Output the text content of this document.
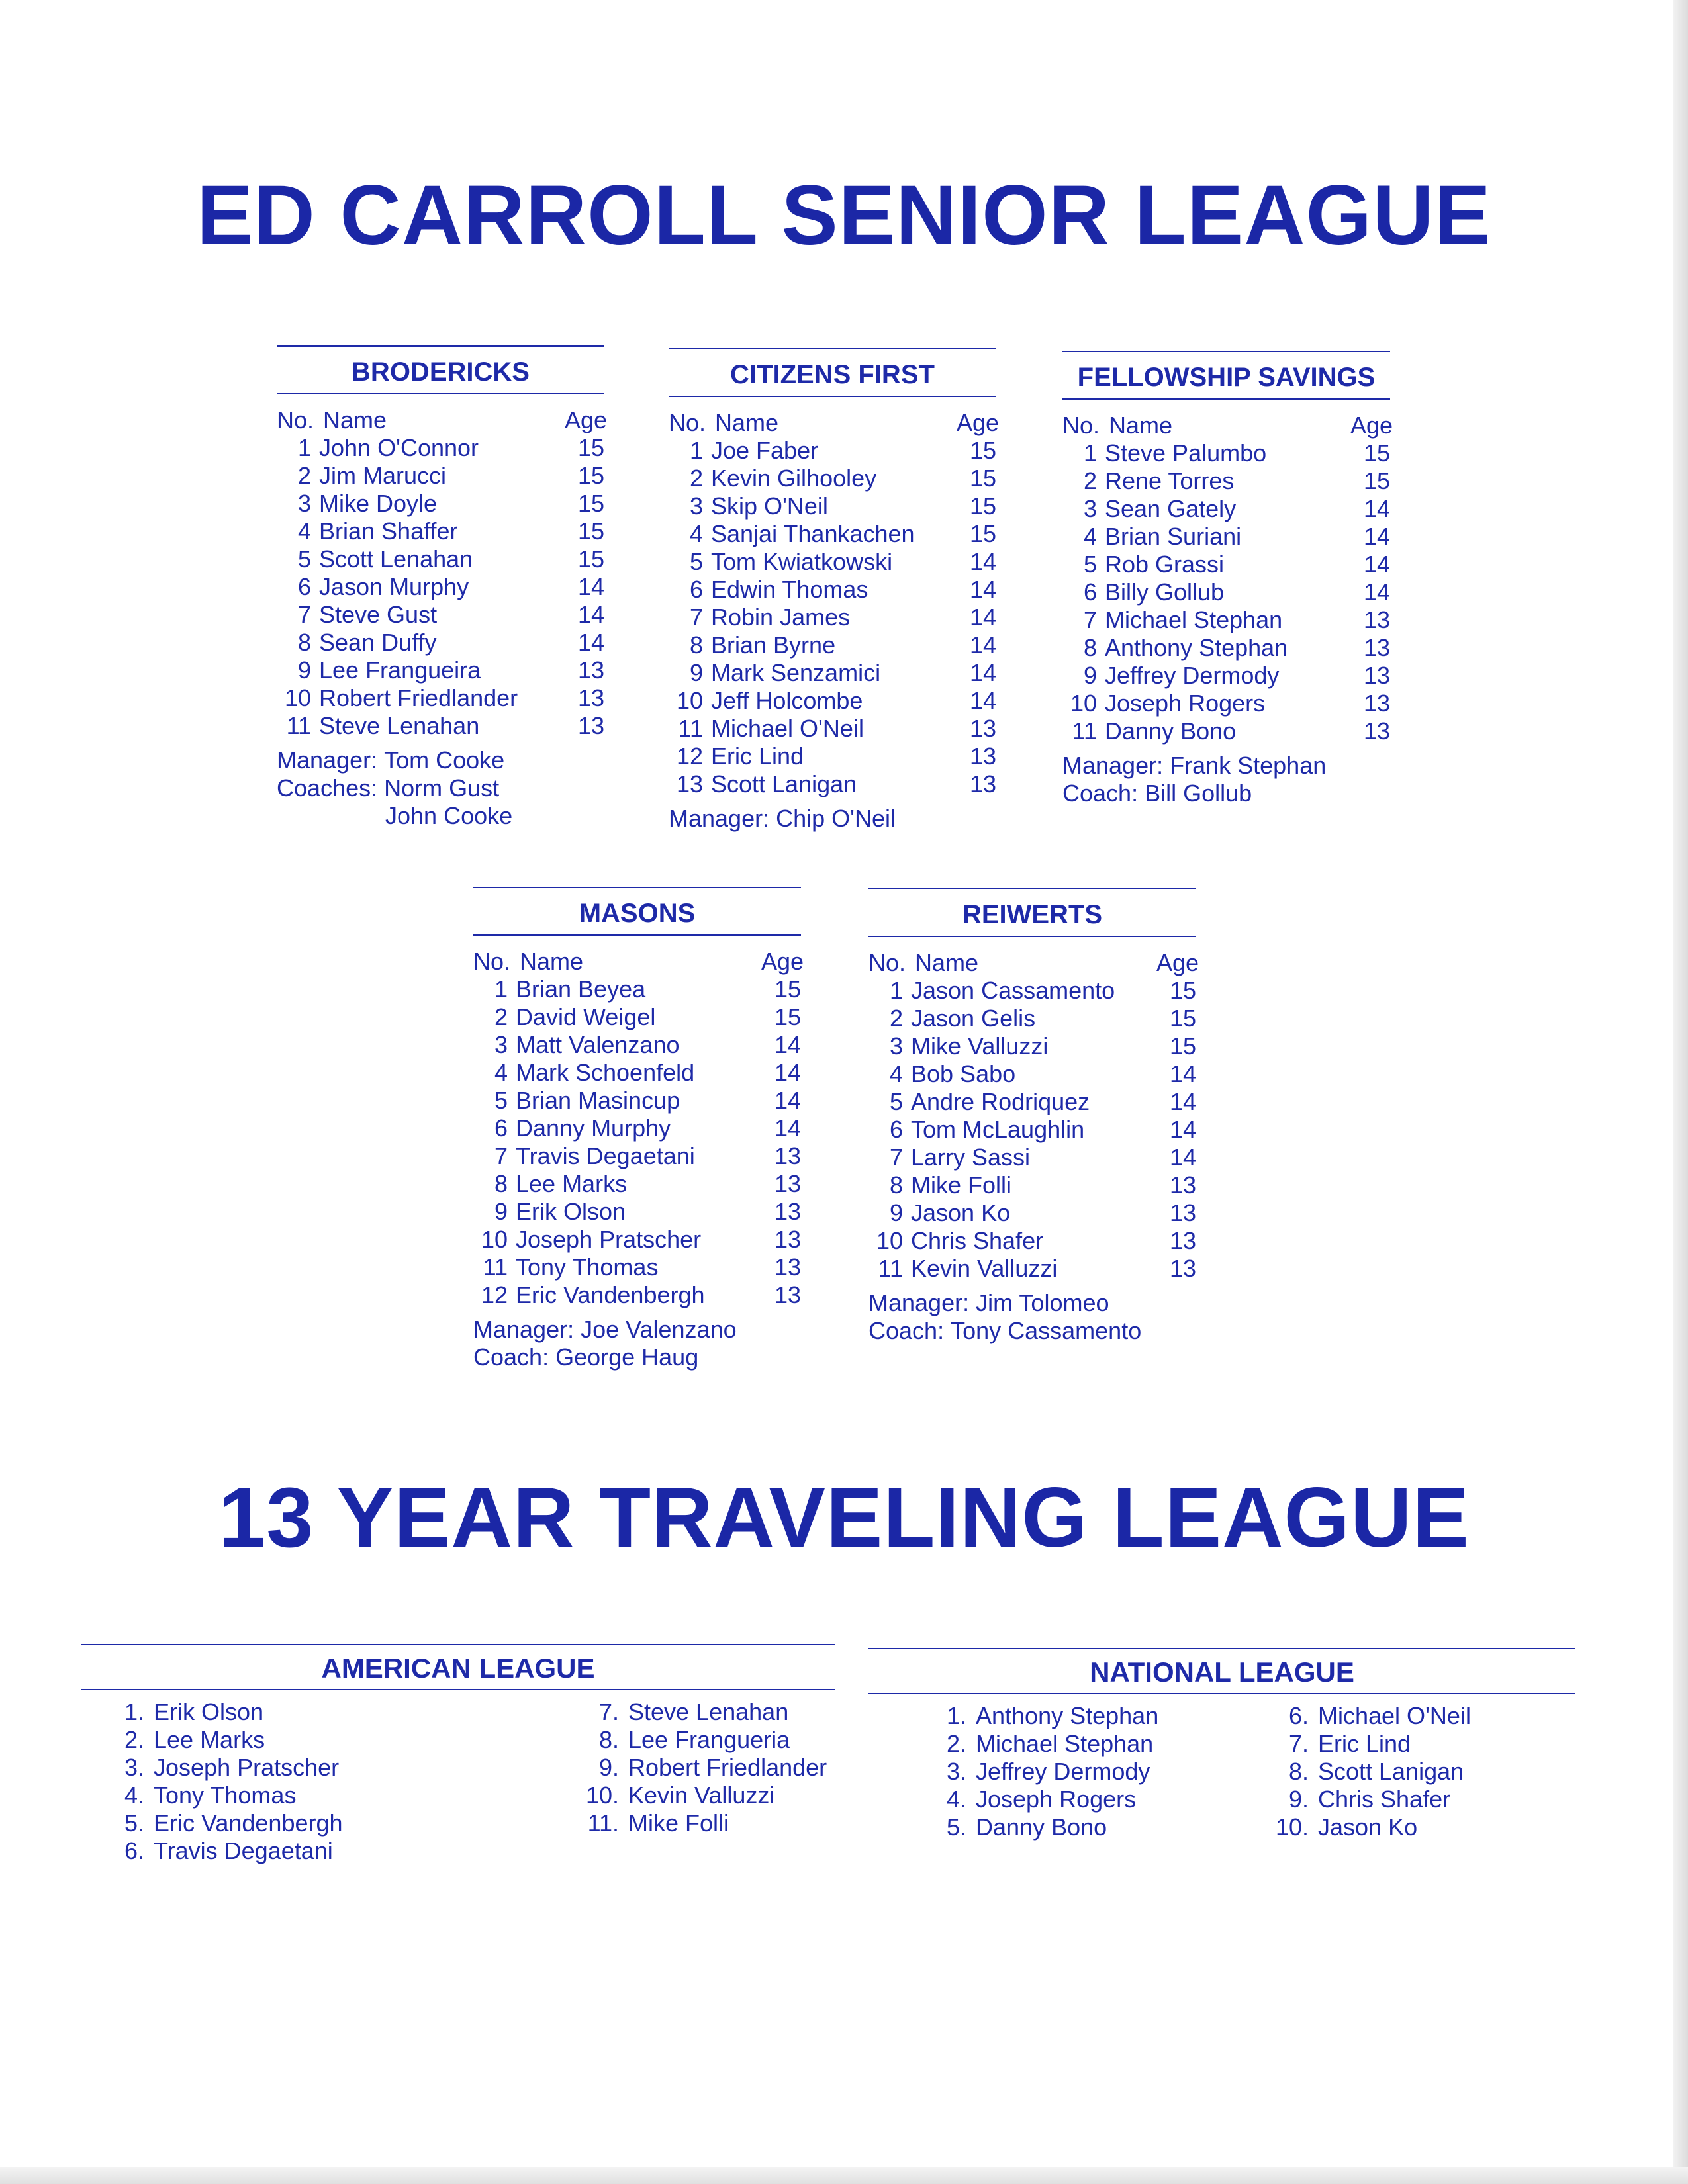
ED CARROLL SENIOR LEAGUE
BRODERICKS
No. Name	Age
1 John O'Connor	15
2 Jim Marucci	15
3 Mike Doyle	15
4 Brian Shaffer	15
5 Scott Lenahan	15
6 Jason Murphy	14
7 Steve Gust	14
8 Sean Duffy	14
9 Lee Frangueira	13
10 Robert Friedlander	13
11 Steve Lenahan	13
Manager: Tom Cooke
Coaches: Norm Gust
John Cooke
CITIZENS FIRST
No. Name	Age
1 Joe Faber	15
2 Kevin Gilhooley	15
3 Skip O'Neil	15
4 Sanjai Thankachen	15
5 Tom Kwiatkowski	14
6 Edwin Thomas	14
7 Robin James	14
8 Brian Byrne	14
9 Mark Senzamici	14
10 Jeff Holcombe	14
11 Michael O'Neil	13
12 Eric Lind	13
13 Scott Lanigan	13
Manager: Chip O'Neil
FELLOWSHIP SAVINGS
No. Name	Age
1 Steve Palumbo	15
2 Rene Torres	15
3 Sean Gately	14
4 Brian Suriani	14
5 Rob Grassi	14
6 Billy Gollub	14
7 Michael Stephan	13
8 Anthony Stephan	13
9 Jeffrey Dermody	13
10 Joseph Rogers	13
11 Danny Bono	13
Manager: Frank Stephan
Coach: Bill Gollub
MASONS
No. Name	Age
1 Brian Beyea	15
2 David Weigel	15
3 Matt Valenzano	14
4 Mark Schoenfeld	14
5 Brian Masincup	14
6 Danny Murphy	14
7 Travis Degaetani	13
8 Lee Marks	13
9 Erik Olson	13
10 Joseph Pratscher	13
11 Tony Thomas	13
12 Eric Vandenbergh	13
Manager: Joe Valenzano
Coach: George Haug
REIWERTS
No. Name	Age
1 Jason Cassamento	15
2 Jason Gelis	15
3 Mike Valluzzi	15
4 Bob Sabo	14
5 Andre Rodriquez	14
6 Tom McLaughlin	14
7 Larry Sassi	14
8 Mike Folli	13
9 Jason Ko	13
10 Chris Shafer	13
11 Kevin Valluzzi	13
Manager: Jim Tolomeo
Coach: Tony Cassamento
13 YEAR TRAVELING LEAGUE
AMERICAN LEAGUE
1. Erik Olson
2. Lee Marks
3. Joseph Pratscher
4. Tony Thomas
5. Eric Vandenbergh
6. Travis Degaetani
7. Steve Lenahan
8. Lee Frangueria
9. Robert Friedlander
10. Kevin Valluzzi
11. Mike Folli
NATIONAL LEAGUE
1. Anthony Stephan
2. Michael Stephan
3. Jeffrey Dermody
4. Joseph Rogers
5. Danny Bono
6. Michael O'Neil
7. Eric Lind
8. Scott Lanigan
9. Chris Shafer
10. Jason Ko
